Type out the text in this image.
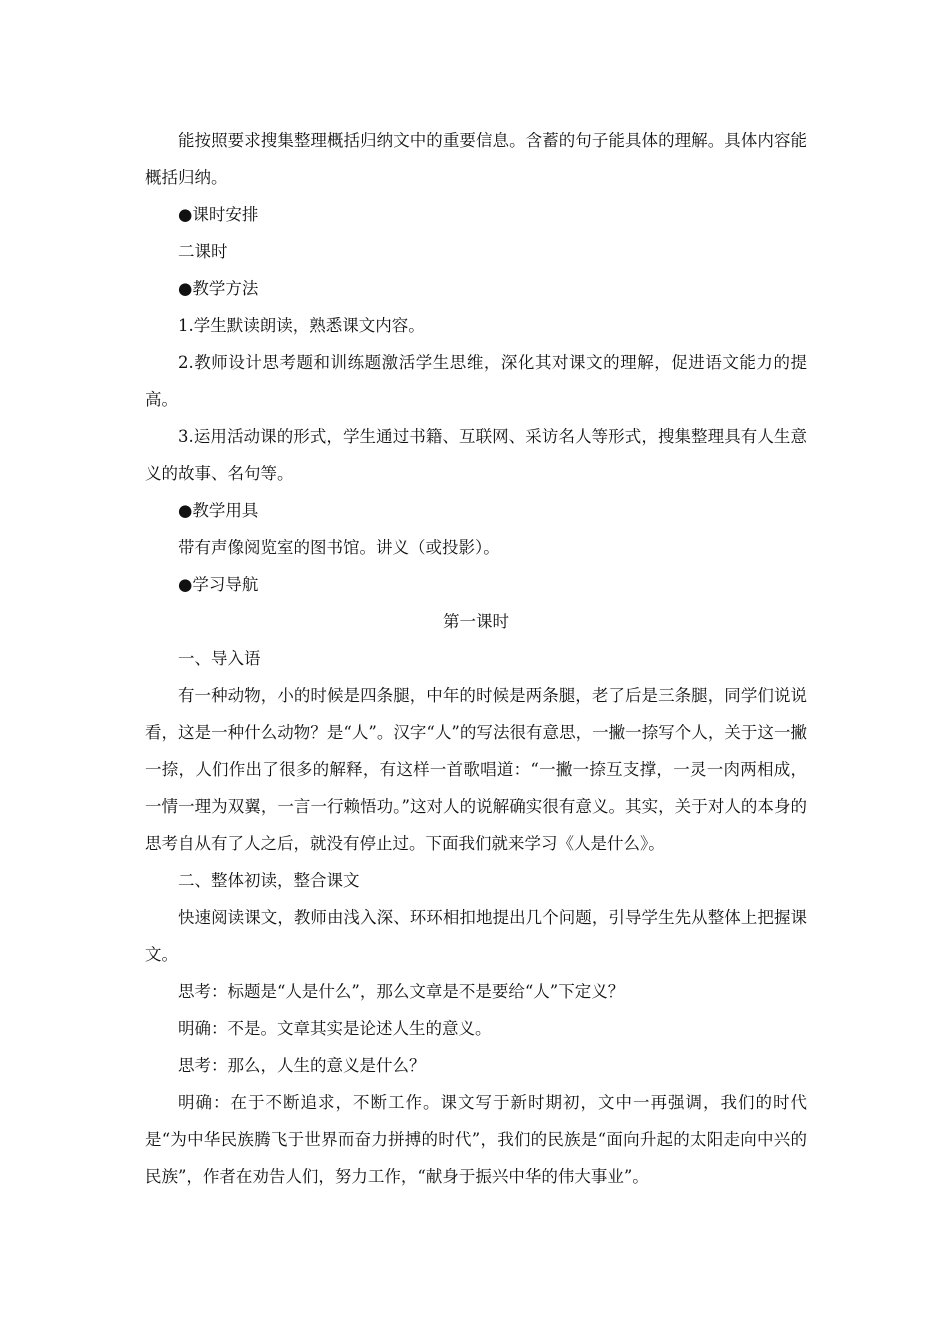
能按照要求搜集整理概括归纳文中的重要信息。含蓄的句子能具体的理解。具体内容能概括归纳。

●课时安排

二课时

●教学方法

1.学生默读朗读，熟悉课文内容。

2.教师设计思考题和训练题激活学生思维，深化其对课文的理解，促进语文能力的提高。

3.运用活动课的形式，学生通过书籍、互联网、采访名人等形式，搜集整理具有人生意义的故事、名句等。

●教学用具

带有声像阅览室的图书馆。讲义（或投影）。

●学习导航

第一课时

一、导入语

有一种动物，小的时候是四条腿，中年的时候是两条腿，老了后是三条腿，同学们说说看，这是一种什么动物？是“人”。汉字“人”的写法很有意思，一撇一捺写个人，关于这一撇一捺，人们作出了很多的解释，有这样一首歌唱道：“一撇一捺互支撑，一灵一肉两相成，一情一理为双翼，一言一行赖悟功。”这对人的说解确实很有意义。其实，关于对人的本身的思考自从有了人之后，就没有停止过。下面我们就来学习《人是什么》。

二、整体初读，整合课文

快速阅读课文，教师由浅入深、环环相扣地提出几个问题，引导学生先从整体上把握课文。

思考：标题是“人是什么”，那么文章是不是要给“人”下定义？

明确：不是。文章其实是论述人生的意义。

思考：那么，人生的意义是什么？

明确：在于不断追求，不断工作。课文写于新时期初，文中一再强调，我们的时代是“为中华民族腾飞于世界而奋力拼搏的时代”，我们的民族是“面向升起的太阳走向中兴的民族”，作者在劝告人们，努力工作，“献身于振兴中华的伟大事业”。
